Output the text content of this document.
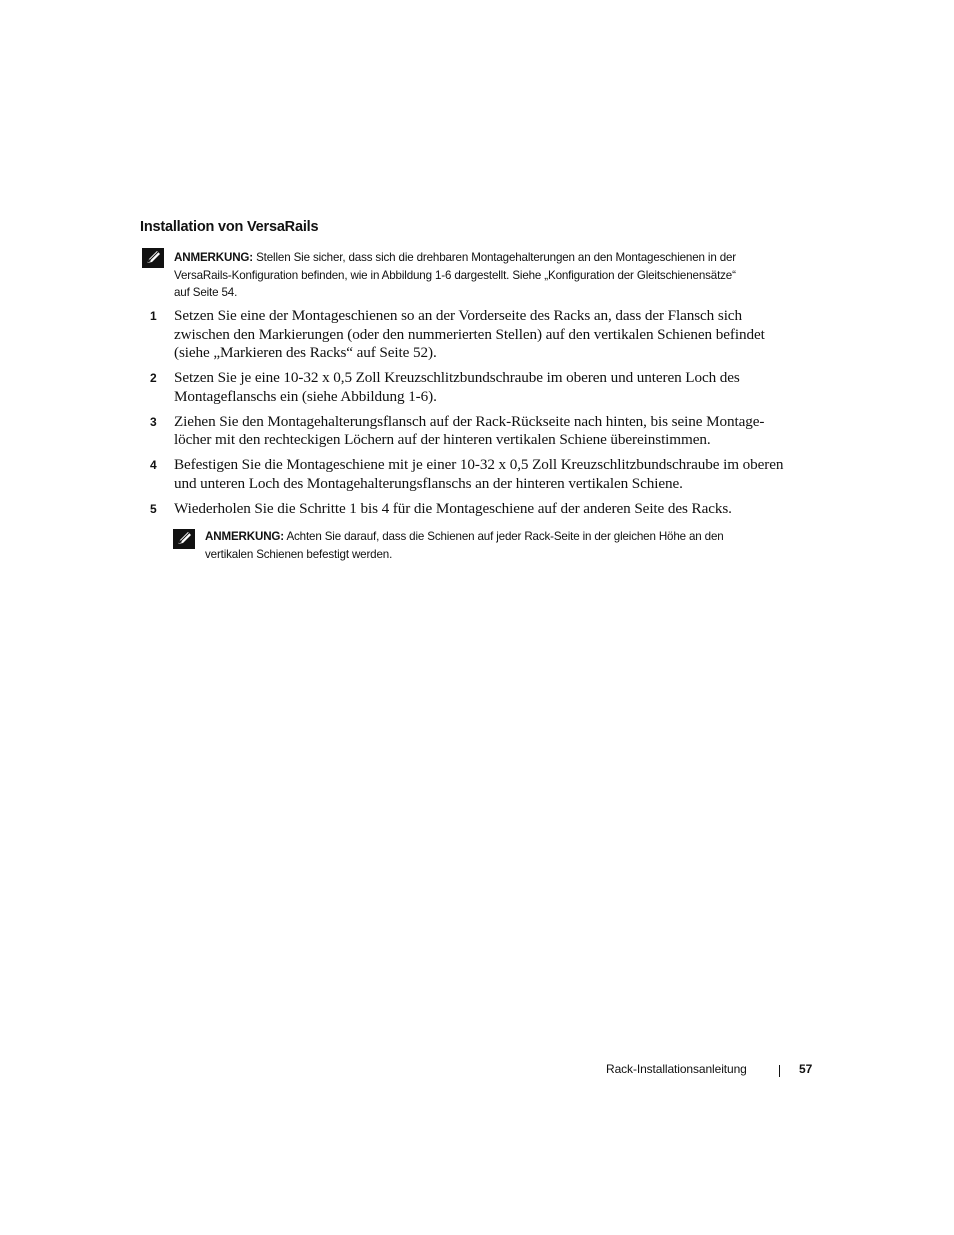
Installation von VersaRails
ANMERKUNG: Stellen Sie sicher, dass sich die drehbaren Montagehalterungen an den Montageschienen in der
VersaRails-Konfiguration befinden, wie in Abbildung 1-6 dargestellt. Siehe „Konfiguration der Gleitschienensätze“
auf Seite 54.
1 Setzen Sie eine der Montageschienen so an der Vorderseite des Racks an, dass der Flansch sich
zwischen den Markierungen (oder den nummerierten Stellen) auf den vertikalen Schienen befindet
(siehe „Markieren des Racks“ auf Seite 52).
2 Setzen Sie je eine 10-32 x 0,5 Zoll Kreuzschlitzbundschraube im oberen und unteren Loch des
Montageflanschs ein (siehe Abbildung 1-6).
3 Ziehen Sie den Montagehalterungsflansch auf der Rack-Rückseite nach hinten, bis seine Montage-
löcher mit den rechteckigen Löchern auf der hinteren vertikalen Schiene übereinstimmen.
4 Befestigen Sie die Montageschiene mit je einer 10-32 x 0,5 Zoll Kreuzschlitzbundschraube im oberen
und unteren Loch des Montagehalterungsflanschs an der hinteren vertikalen Schiene.
5 Wiederholen Sie die Schritte 1 bis 4 für die Montageschiene auf der anderen Seite des Racks.
ANMERKUNG: Achten Sie darauf, dass die Schienen auf jeder Rack-Seite in der gleichen Höhe an den
vertikalen Schienen befestigt werden.
Rack-Installationsanleitung	57
